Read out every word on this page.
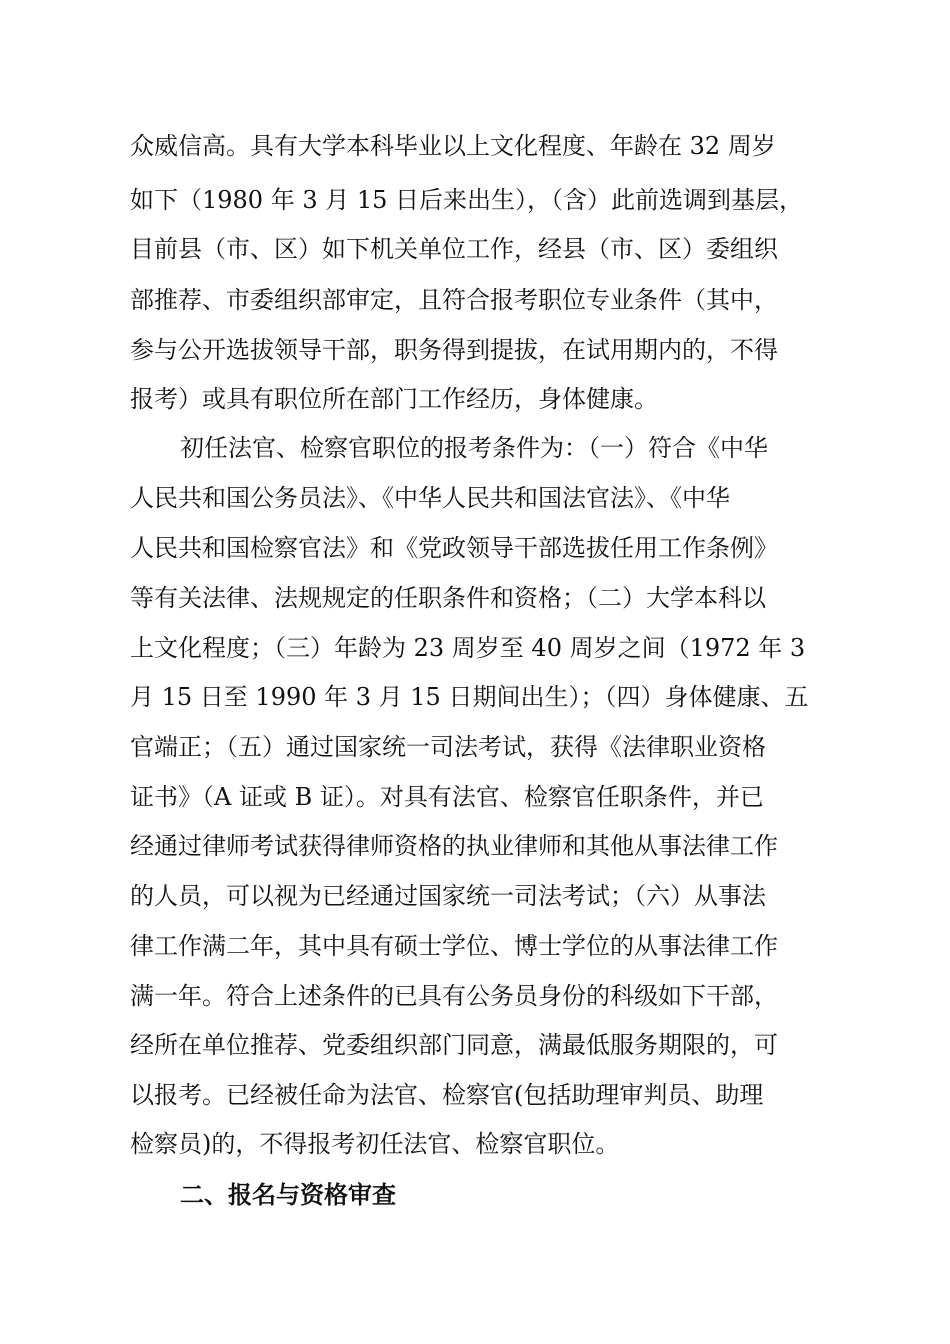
众威信高。具有大学本科毕业以上文化程度、年龄在 32 周岁
如下（1980 年 3 月 15 日后来出生），（含）此前选调到基层，
目前县（市、区）如下机关单位工作，经县（市、区）委组织
部推荐、市委组织部审定，且符合报考职位专业条件（其中，
参与公开选拔领导干部，职务得到提拔，在试用期内的，不得
报考）或具有职位所在部门工作经历，身体健康。
初任法官、检察官职位的报考条件为：（一）符合《中华
人民共和国公务员法》、《中华人民共和国法官法》、《中华
人民共和国检察官法》和《党政领导干部选拔任用工作条例》
等有关法律、法规规定的任职条件和资格；（二）大学本科以
上文化程度；（三）年龄为 23 周岁至 40 周岁之间（1972 年 3
月 15 日至 1990 年 3 月 15 日期间出生）；（四）身体健康、五
官端正；（五）通过国家统一司法考试，获得《法律职业资格
证书》（A 证或 B 证）。对具有法官、检察官任职条件，并已
经通过律师考试获得律师资格的执业律师和其他从事法律工作
的人员，可以视为已经通过国家统一司法考试；（六）从事法
律工作满二年，其中具有硕士学位、博士学位的从事法律工作
满一年。符合上述条件的已具有公务员身份的科级如下干部，
经所在单位推荐、党委组织部门同意，满最低服务期限的，可
以报考。已经被任命为法官、检察官(包括助理审判员、助理
检察员)的，不得报考初任法官、检察官职位。
二、报名与资格审查
